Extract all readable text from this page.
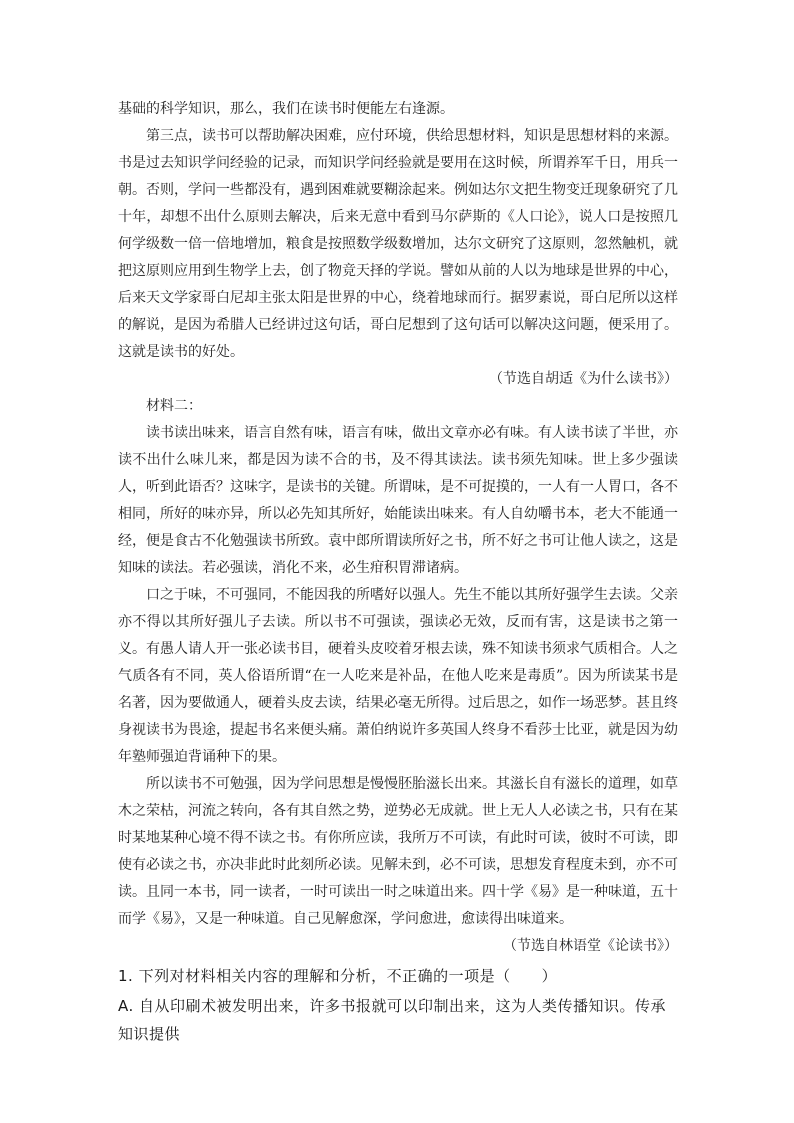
基础的科学知识，那么，我们在读书时便能左右逢源。

第三点，读书可以帮助解决困难，应付环境，供给思想材料，知识是思想材料的来源。书是过去知识学问经验的记录，而知识学问经验就是要用在这时候，所谓养军千日，用兵一朝。否则，学问一些都没有，遇到困难就要糊涂起来。例如达尔文把生物变迁现象研究了几十年，却想不出什么原则去解决，后来无意中看到马尔萨斯的《人口论》，说人口是按照几何学级数一倍一倍地增加，粮食是按照数学级数增加，达尔文研究了这原则，忽然触机，就把这原则应用到生物学上去，创了物竞天择的学说。譬如从前的人以为地球是世界的中心，后来天文学家哥白尼却主张太阳是世界的中心，绕着地球而行。据罗素说，哥白尼所以这样的解说，是因为希腊人已经讲过这句话，哥白尼想到了这句话可以解决这问题，便采用了。这就是读书的好处。

（节选自胡适《为什么读书》）

材料二：

读书读出味来，语言自然有味，语言有味，做出文章亦必有味。有人读书读了半世，亦读不出什么味儿来，都是因为读不合的书，及不得其读法。读书须先知味。世上多少强读人，听到此语否？这味字，是读书的关键。所谓味，是不可捉摸的，一人有一人胃口，各不相同，所好的味亦异，所以必先知其所好，始能读出味来。有人自幼嚼书本，老大不能通一经，便是食古不化勉强读书所致。袁中郎所谓读所好之书，所不好之书可让他人读之，这是知味的读法。若必强读，消化不来，必生疳积胃滞诸病。

口之于味，不可强同，不能因我的所嗜好以强人。先生不能以其所好强学生去读。父亲亦不得以其所好强儿子去读。所以书不可强读，强读必无效，反而有害，这是读书之第一义。有愚人请人开一张必读书目，硬着头皮咬着牙根去读，殊不知读书须求气质相合。人之气质各有不同，英人俗语所谓“在一人吃来是补品，在他人吃来是毒质”。因为所读某书是名著，因为要做通人，硬着头皮去读，结果必毫无所得。过后思之，如作一场恶梦。甚且终身视读书为畏途，提起书名来便头痛。萧伯纳说许多英国人终身不看莎士比亚，就是因为幼年塾师强迫背诵种下的果。

所以读书不可勉强，因为学问思想是慢慢胚胎滋长出来。其滋长自有滋长的道理，如草木之荣枯，河流之转向，各有其自然之势，逆势必无成就。世上无人人必读之书，只有在某时某地某种心境不得不读之书。有你所应读，我所万不可读，有此时可读，彼时不可读，即使有必读之书，亦决非此时此刻所必读。见解未到，必不可读，思想发育程度未到，亦不可读。且同一本书，同一读者，一时可读出一时之味道出来。四十学《易》是一种味道，五十而学《易》，又是一种味道。自己见解愈深，学问愈进，愈读得出味道来。

（节选自林语堂《论读书》）

1. 下列对材料相关内容的理解和分析，不正确的一项是（　　）

A. 自从印刷术被发明出来，许多书报就可以印制出来，这为人类传播知识。传承知识提供
